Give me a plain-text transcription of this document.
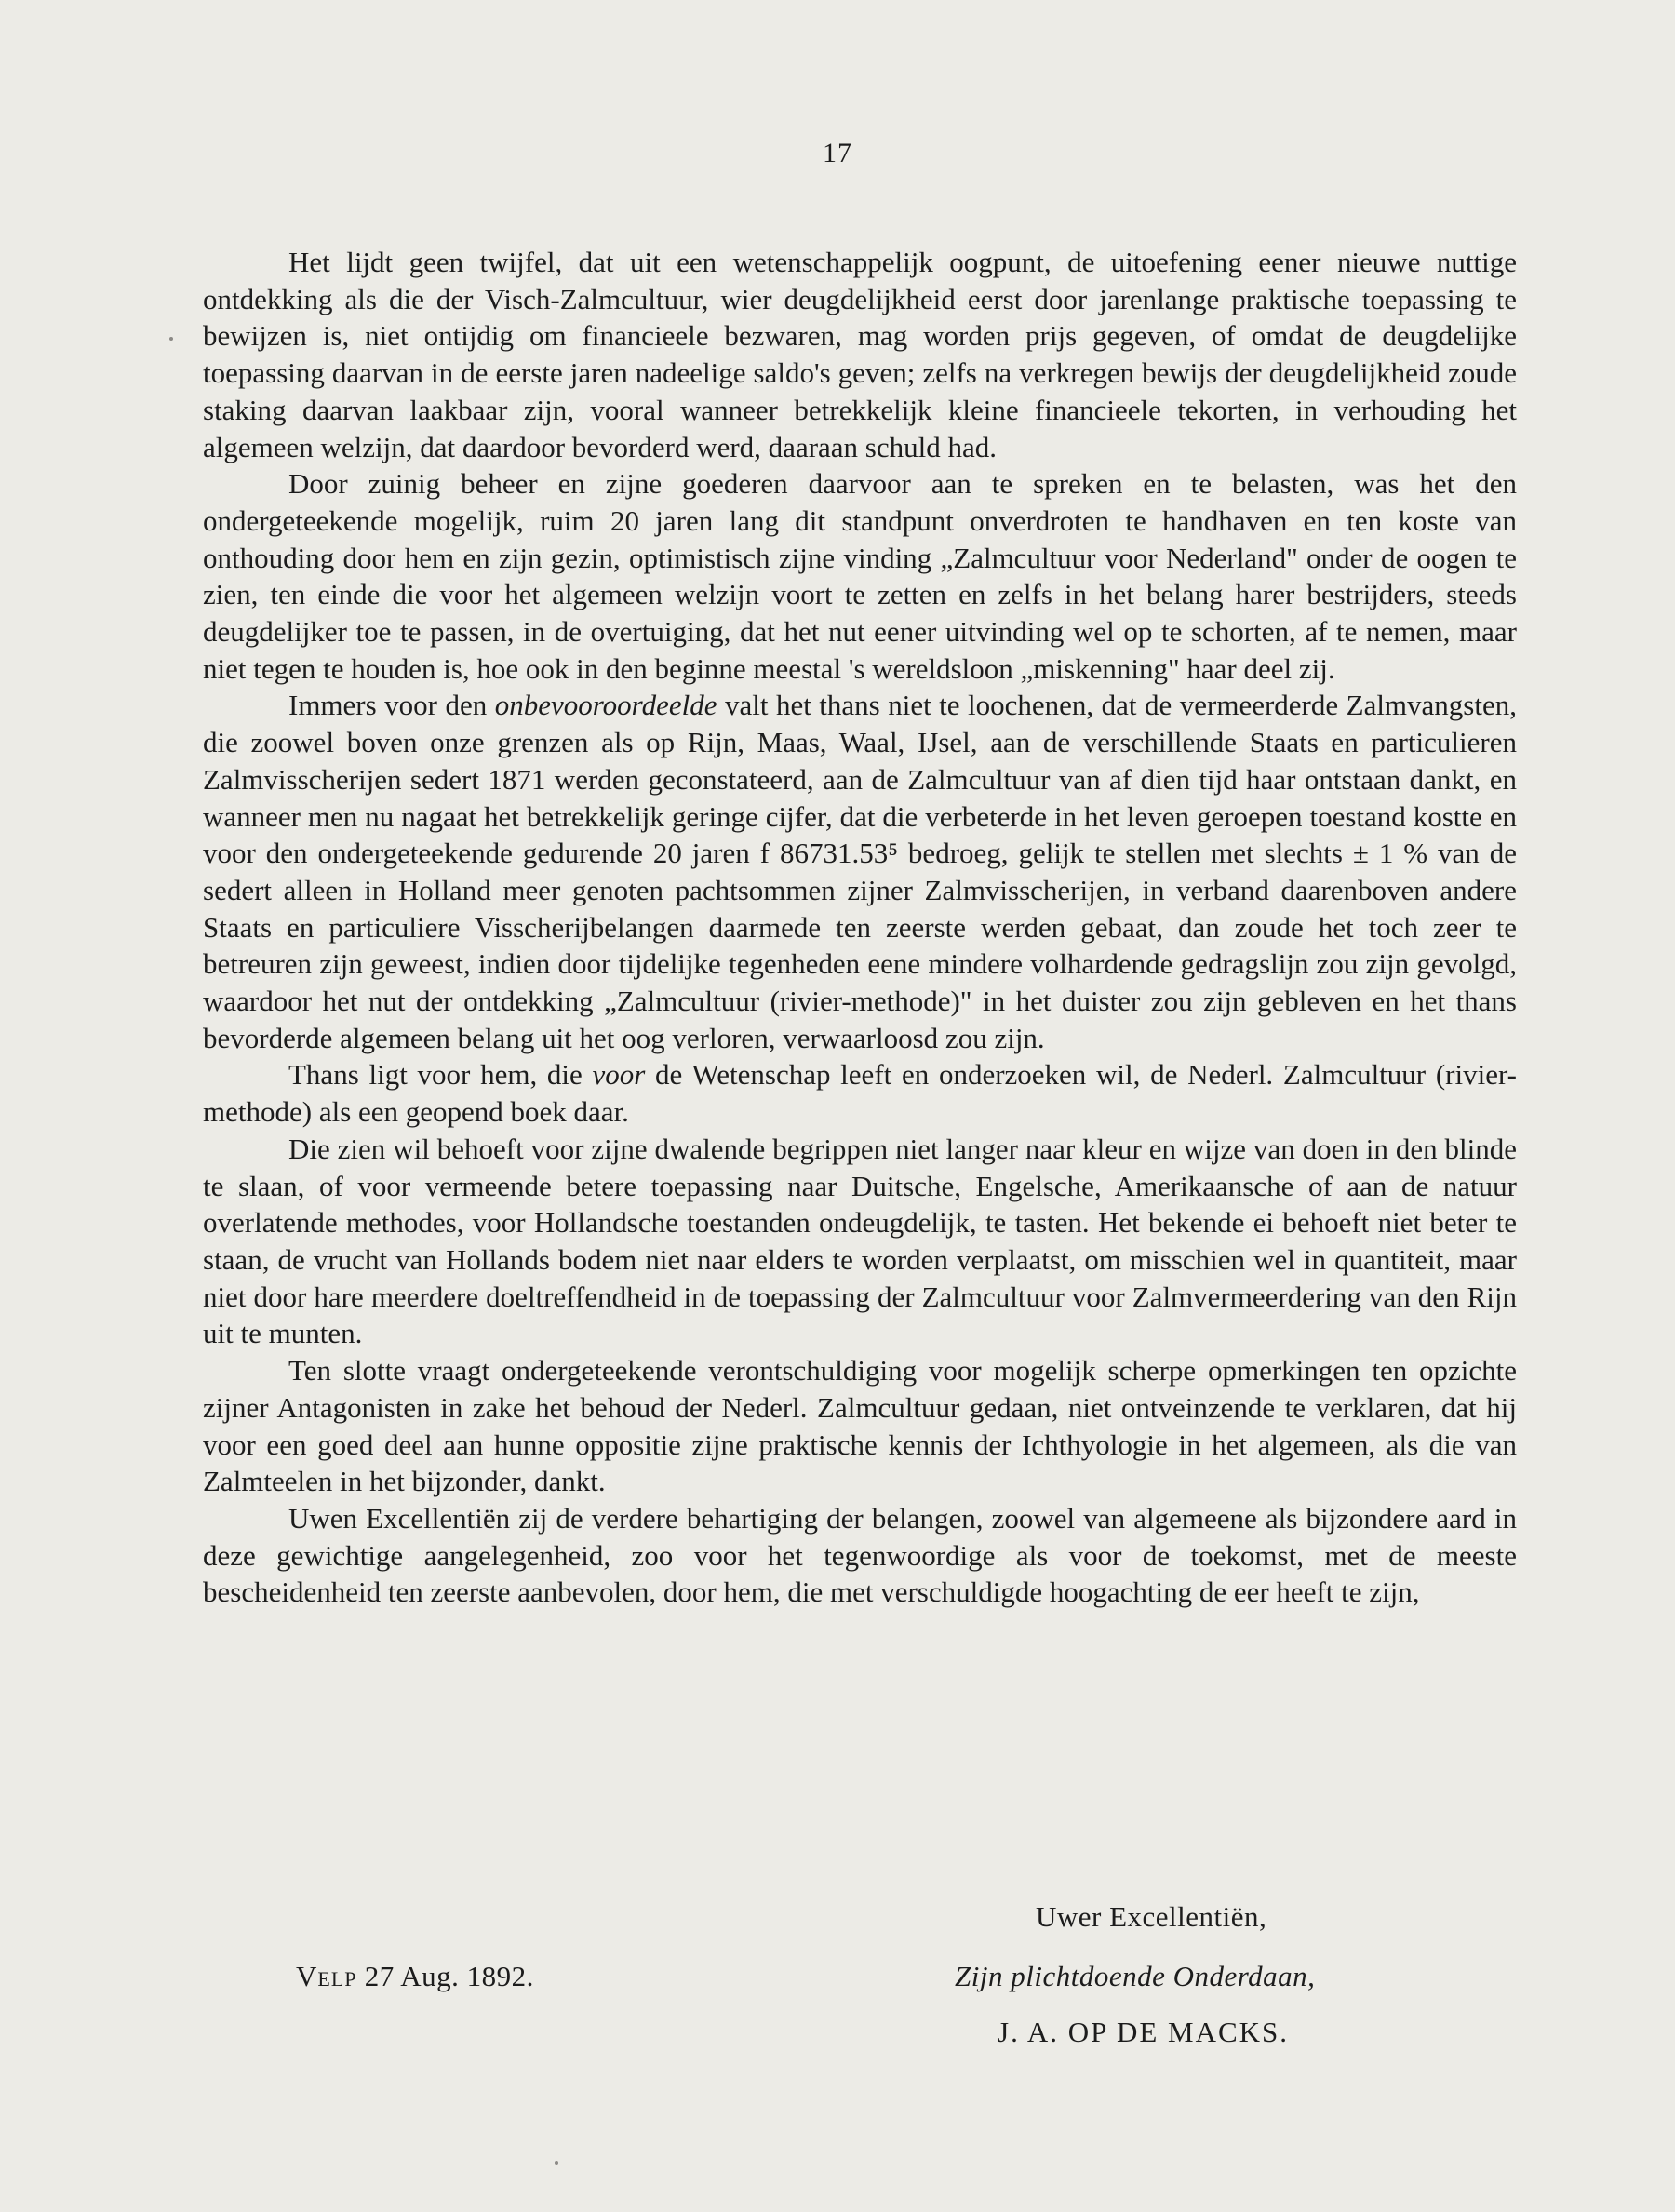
17

Het lijdt geen twijfel, dat uit een wetenschappelijk oogpunt, de uitoefening eener nieuwe nuttige ontdekking als die der Visch-Zalmcultuur, wier deugdelijkheid eerst door jarenlange praktische toepassing te bewijzen is, niet ontijdig om financieele bezwaren, mag worden prijs gegeven, of omdat de deugdelijke toepassing daarvan in de eerste jaren nadeelige saldo's geven; zelfs na verkregen bewijs der deugdelijkheid zoude staking daarvan laakbaar zijn, vooral wanneer betrekkelijk kleine financieele tekorten, in verhouding het algemeen welzijn, dat daardoor bevorderd werd, daaraan schuld had.

Door zuinig beheer en zijne goederen daarvoor aan te spreken en te belasten, was het den ondergeteekende mogelijk, ruim 20 jaren lang dit standpunt onverdroten te handhaven en ten koste van onthouding door hem en zijn gezin, optimistisch zijne vinding „Zalmcultuur voor Nederland" onder de oogen te zien, ten einde die voor het algemeen welzijn voort te zetten en zelfs in het belang harer bestrijders, steeds deugdelijker toe te passen, in de overtuiging, dat het nut eener uitvinding wel op te schorten, af te nemen, maar niet tegen te houden is, hoe ook in den beginne meestal 's wereldsloon „miskenning" haar deel zij.

Immers voor den onbevooroordeelde valt het thans niet te loochenen, dat de vermeerderde Zalmvangsten, die zoowel boven onze grenzen als op Rijn, Maas, Waal, IJsel, aan de verschillende Staats en particulieren Zalmvisscherijen sedert 1871 werden geconstateerd, aan de Zalmcultuur van af dien tijd haar ontstaan dankt, en wanneer men nu nagaat het betrekkelijk geringe cijfer, dat die verbeterde in het leven geroepen toestand kostte en voor den ondergeteekende gedurende 20 jaren f 86731.53⁵ bedroeg, gelijk te stellen met slechts ± 1 % van de sedert alleen in Holland meer genoten pachtsommen zijner Zalmvisscherijen, in verband daarenboven andere Staats en particuliere Visscherijbelangen daarmede ten zeerste werden gebaat, dan zoude het toch zeer te betreuren zijn geweest, indien door tijdelijke tegenheden eene mindere volhardende gedragslijn zou zijn gevolgd, waardoor het nut der ontdekking „Zalmcultuur (rivier-methode)" in het duister zou zijn gebleven en het thans bevorderde algemeen belang uit het oog verloren, verwaarloosd zou zijn.

Thans ligt voor hem, die voor de Wetenschap leeft en onderzoeken wil, de Nederl. Zalmcultuur (rivier-methode) als een geopend boek daar.

Die zien wil behoeft voor zijne dwalende begrippen niet langer naar kleur en wijze van doen in den blinde te slaan, of voor vermeende betere toepassing naar Duitsche, Engelsche, Amerikaansche of aan de natuur overlatende methodes, voor Hollandsche toestanden ondeugdelijk, te tasten. Het bekende ei behoeft niet beter te staan, de vrucht van Hollands bodem niet naar elders te worden verplaatst, om misschien wel in quantiteit, maar niet door hare meerdere doeltreffendheid in de toepassing der Zalmcultuur voor Zalmvermeerdering van den Rijn uit te munten.

Ten slotte vraagt ondergeteekende verontschuldiging voor mogelijk scherpe opmerkingen ten opzichte zijner Antagonisten in zake het behoud der Nederl. Zalmcultuur gedaan, niet ontveinzende te verklaren, dat hij voor een goed deel aan hunne oppositie zijne praktische kennis der Ichthyologie in het algemeen, als die van Zalmteelen in het bijzonder, dankt.

Uwen Excellentiën zij de verdere behartiging der belangen, zoowel van algemeene als bijzondere aard in deze gewichtige aangelegenheid, zoo voor het tegenwoordige als voor de toekomst, met de meeste bescheidenheid ten zeerste aanbevolen, door hem, die met verschuldigde hoogachting de eer heeft te zijn,

Uwer Excellentiën,
Velp 27 Aug. 1892.	Zijn plichtdoende Onderdaan,
J. A. OP DE MACKS.
